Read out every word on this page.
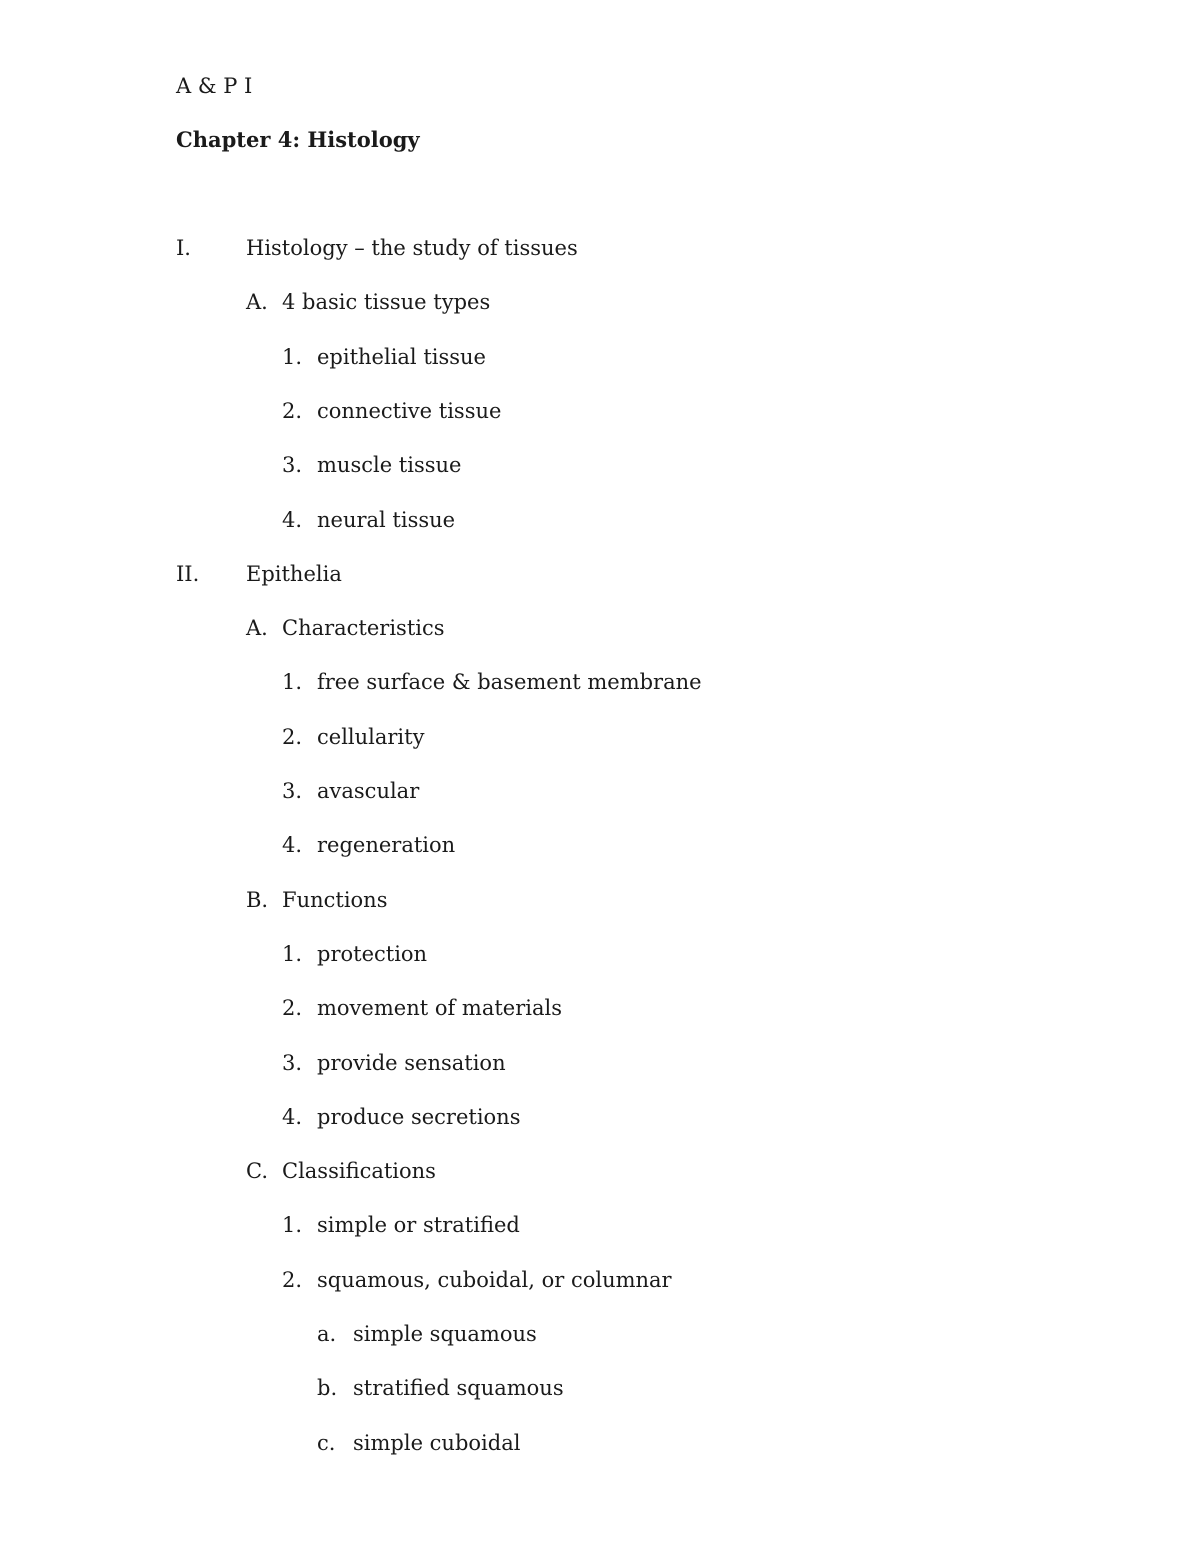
A & P I
Chapter 4: Histology
I.	Histology – the study of tissues
A. 4 basic tissue types
1. epithelial tissue
2. connective tissue
3. muscle tissue
4. neural tissue
II. Epithelia
A. Characteristics
1. free surface & basement membrane
2. cellularity
3. avascular
4. regeneration
B. Functions
1. protection
2. movement of materials
3. provide sensation
4. produce secretions
C. Classifications
1. simple or stratified
2. squamous, cuboidal, or columnar
a. simple squamous
b. stratified squamous
c. simple cuboidal
